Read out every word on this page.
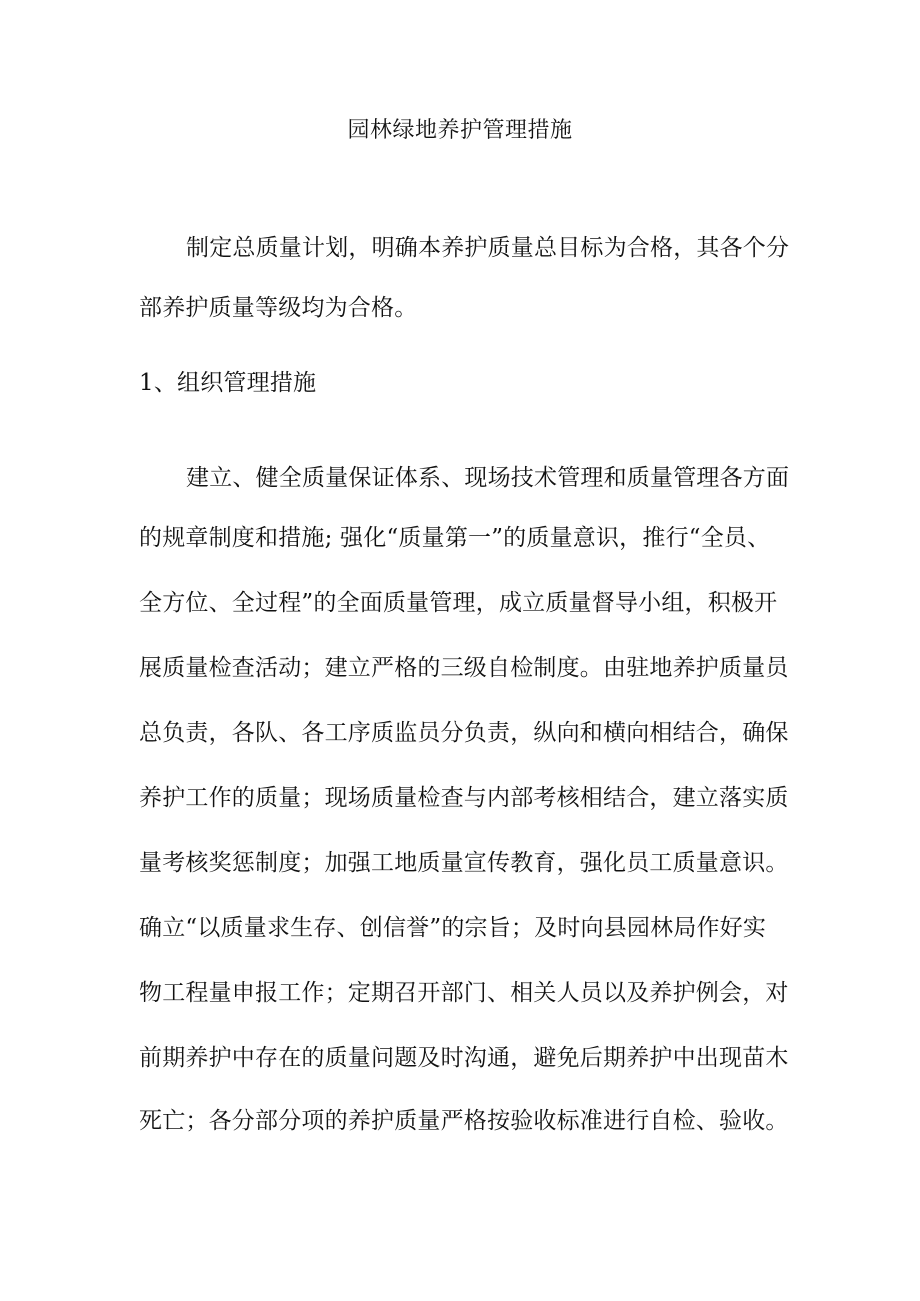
园林绿地养护管理措施
制定总质量计划，明确本养护质量总目标为合格，其各个分
部养护质量等级均为合格。
1、组织管理措施
建立、健全质量保证体系、现场技术管理和质量管理各方面
的规章制度和措施; 强化“质量第一”的质量意识，推行“全员、
全方位、全过程”的全面质量管理，成立质量督导小组，积极开
展质量检查活动；建立严格的三级自检制度。由驻地养护质量员
总负责，各队、各工序质监员分负责，纵向和横向相结合，确保
养护工作的质量；现场质量检查与内部考核相结合，建立落实质
量考核奖惩制度；加强工地质量宣传教育，强化员工质量意识。
确立“以质量求生存、创信誉”的宗旨；及时向县园林局作好实
物工程量申报工作；定期召开部门、相关人员以及养护例会，对
前期养护中存在的质量问题及时沟通，避免后期养护中出现苗木
死亡；各分部分项的养护质量严格按验收标准进行自检、验收。
